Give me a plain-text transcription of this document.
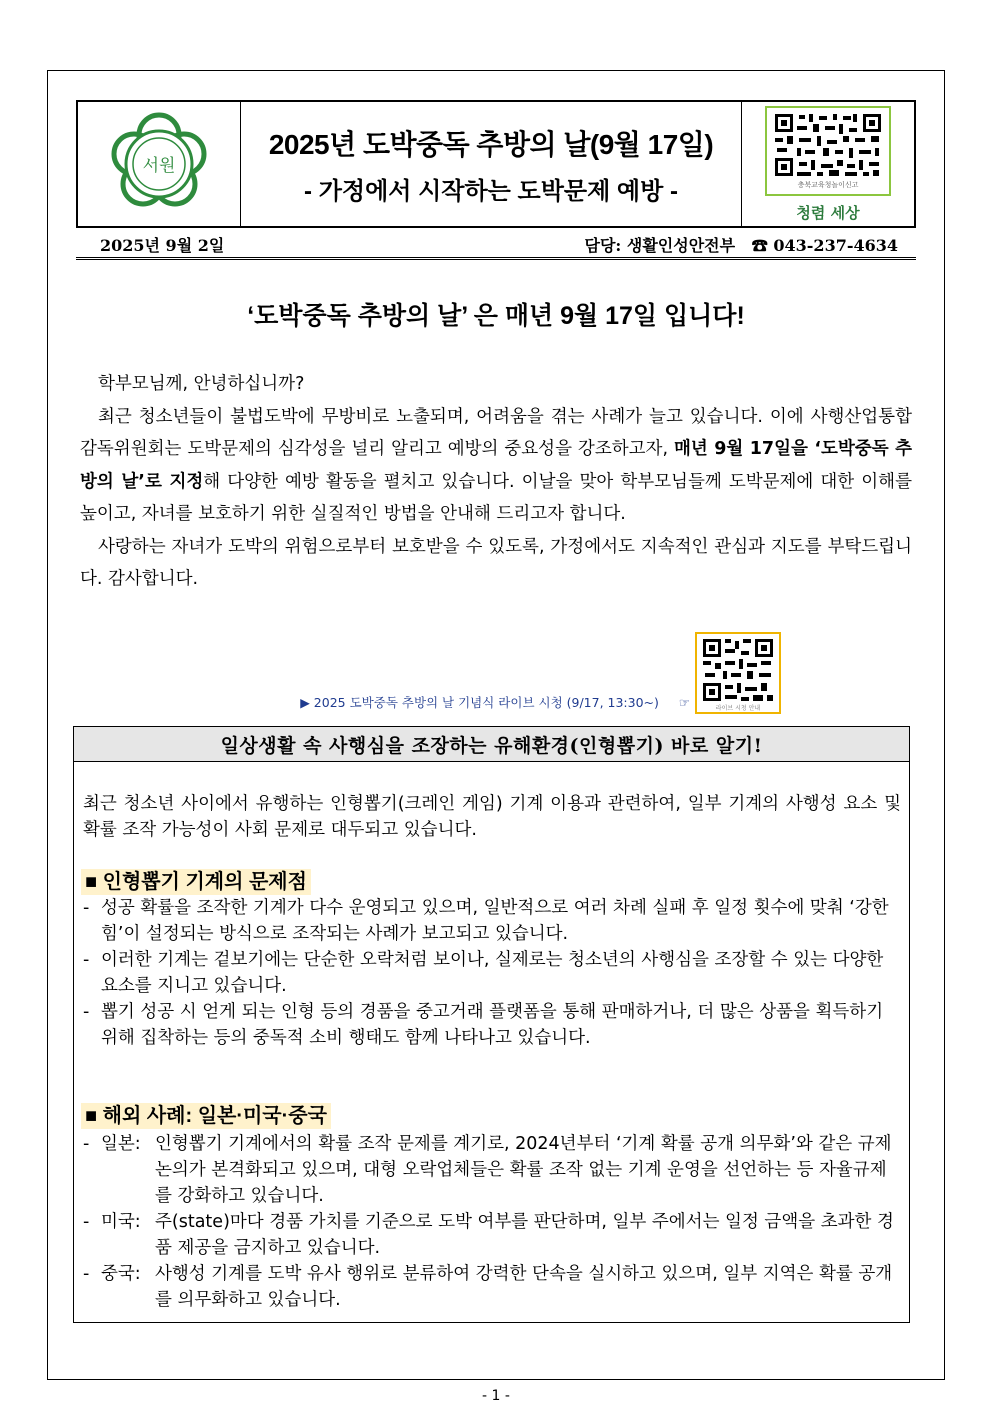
서원
2025년 도박중독 추방의 날(9월 17일)
- 가정에서 시작하는 도박문제 예방 -	충북교육청놀이신고
청렴 세상
2025년 9월 2일	담당: 생활인성안전부 ☎ 043-237-4634
‘도박중독 추방의 날’ 은 매년 9월 17일 입니다!

학부모님께, 안녕하십니까?

최근 청소년들이 불법도박에 무방비로 노출되며, 어려움을 겪는 사례가 늘고 있습니다. 이에 사행산업통합감독위원회는 도박문제의 심각성을 널리 알리고 예방의 중요성을 강조하고자, 매년 9월 17일을 ‘도박중독 추방의 날’로 지정해 다양한 예방 활동을 펼치고 있습니다. 이날을 맞아 학부모님들께 도박문제에 대한 이해를 높이고, 자녀를 보호하기 위한 실질적인 방법을 안내해 드리고자 합니다.

사랑하는 자녀가 도박의 위험으로부터 보호받을 수 있도록, 가정에서도 지속적인 관심과 지도를 부탁드립니다. 감사합니다.

▶ 2025 도박중독 추방의 날 기념식 라이브 시청 (9/17, 13:30~) ☞	라이브 시청 안내
일상생활 속 사행심을 조장하는 유해환경(인형뽑기) 바로 알기!
최근 청소년 사이에서 유행하는 인형뽑기(크레인 게임) 기계 이용과 관련하여, 일부 기계의 사행성 요소 및 확률 조작 가능성이 사회 문제로 대두되고 있습니다.
■ 인형뽑기 기계의 문제점
- 성공 확률을 조작한 기계가 다수 운영되고 있으며, 일반적으로 여러 차례 실패 후 일정 횟수에 맞춰 ‘강한 힘’이 설정되는 방식으로 조작되는 사례가 보고되고 있습니다.
- 이러한 기계는 겉보기에는 단순한 오락처럼 보이나, 실제로는 청소년의 사행심을 조장할 수 있는 다양한 요소를 지니고 있습니다.
- 뽑기 성공 시 얻게 되는 인형 등의 경품을 중고거래 플랫폼을 통해 판매하거나, 더 많은 상품을 획득하기 위해 집착하는 등의 중독적 소비 행태도 함께 나타나고 있습니다.
■ 해외 사례: 일본·미국·중국
- 일본: 인형뽑기 기계에서의 확률 조작 문제를 계기로, 2024년부터 ‘기계 확률 공개 의무화’와 같은 규제 논의가 본격화되고 있으며, 대형 오락업체들은 확률 조작 없는 기계 운영을 선언하는 등 자율규제를 강화하고 있습니다.
- 미국: 주(state)마다 경품 가치를 기준으로 도박 여부를 판단하며, 일부 주에서는 일정 금액을 초과한 경품 제공을 금지하고 있습니다.
- 중국: 사행성 기계를 도박 유사 행위로 분류하여 강력한 단속을 실시하고 있으며, 일부 지역은 확률 공개를 의무화하고 있습니다.
- 1 -
